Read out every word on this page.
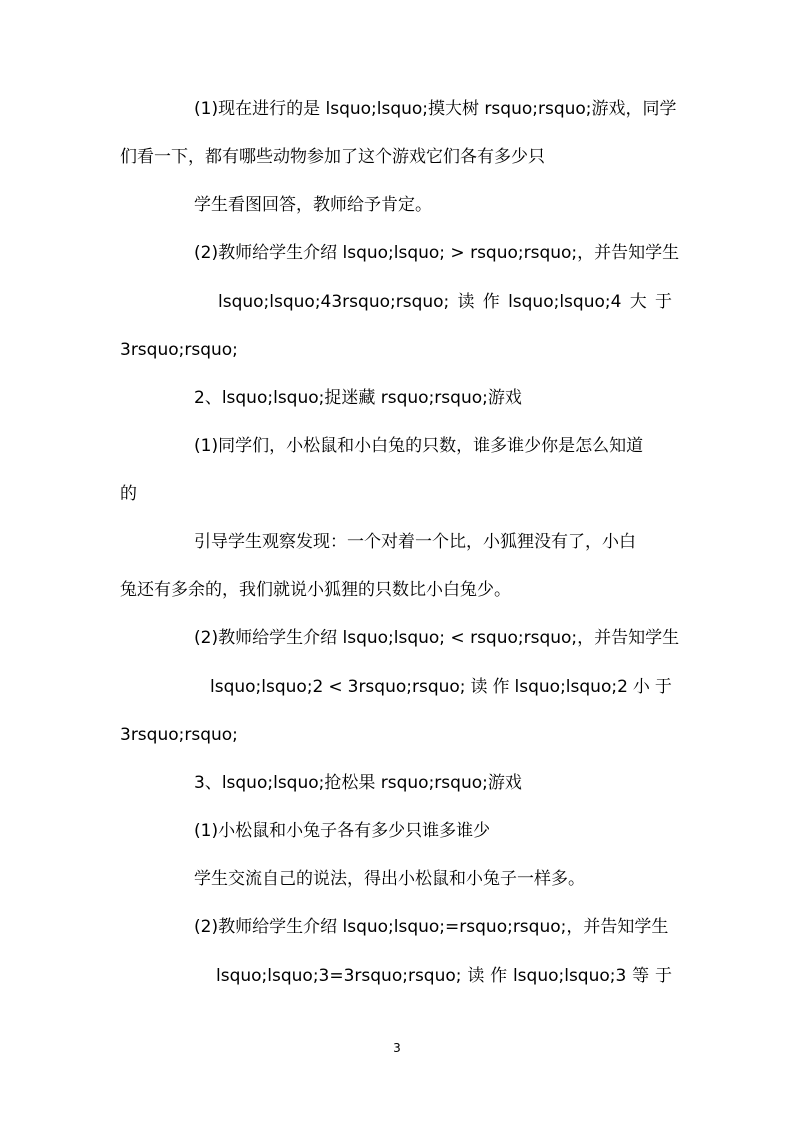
(1)现在进行的是 lsquo;lsquo;摸大树 rsquo;rsquo;游戏，同学
们看一下，都有哪些动物参加了这个游戏它们各有多少只
学生看图回答，教师给予肯定。
(2)教师给学生介绍 lsquo;lsquo; > rsquo;rsquo;，并告知学生
lsquo;lsquo;43rsquo;rsquo; 读 作 lsquo;lsquo;4 大 于
3rsquo;rsquo;
2、lsquo;lsquo;捉迷藏 rsquo;rsquo;游戏
(1)同学们，小松鼠和小白兔的只数，谁多谁少你是怎么知道
的
引导学生观察发现：一个对着一个比，小狐狸没有了，小白
兔还有多余的，我们就说小狐狸的只数比小白兔少。
(2)教师给学生介绍 lsquo;lsquo; < rsquo;rsquo;，并告知学生
lsquo;lsquo;2 < 3rsquo;rsquo; 读 作 lsquo;lsquo;2 小 于
3rsquo;rsquo;
3、lsquo;lsquo;抢松果 rsquo;rsquo;游戏
(1)小松鼠和小兔子各有多少只谁多谁少
学生交流自己的说法，得出小松鼠和小兔子一样多。
(2)教师给学生介绍 lsquo;lsquo;=rsquo;rsquo;，并告知学生
lsquo;lsquo;3=3rsquo;rsquo; 读 作 lsquo;lsquo;3 等 于
3
